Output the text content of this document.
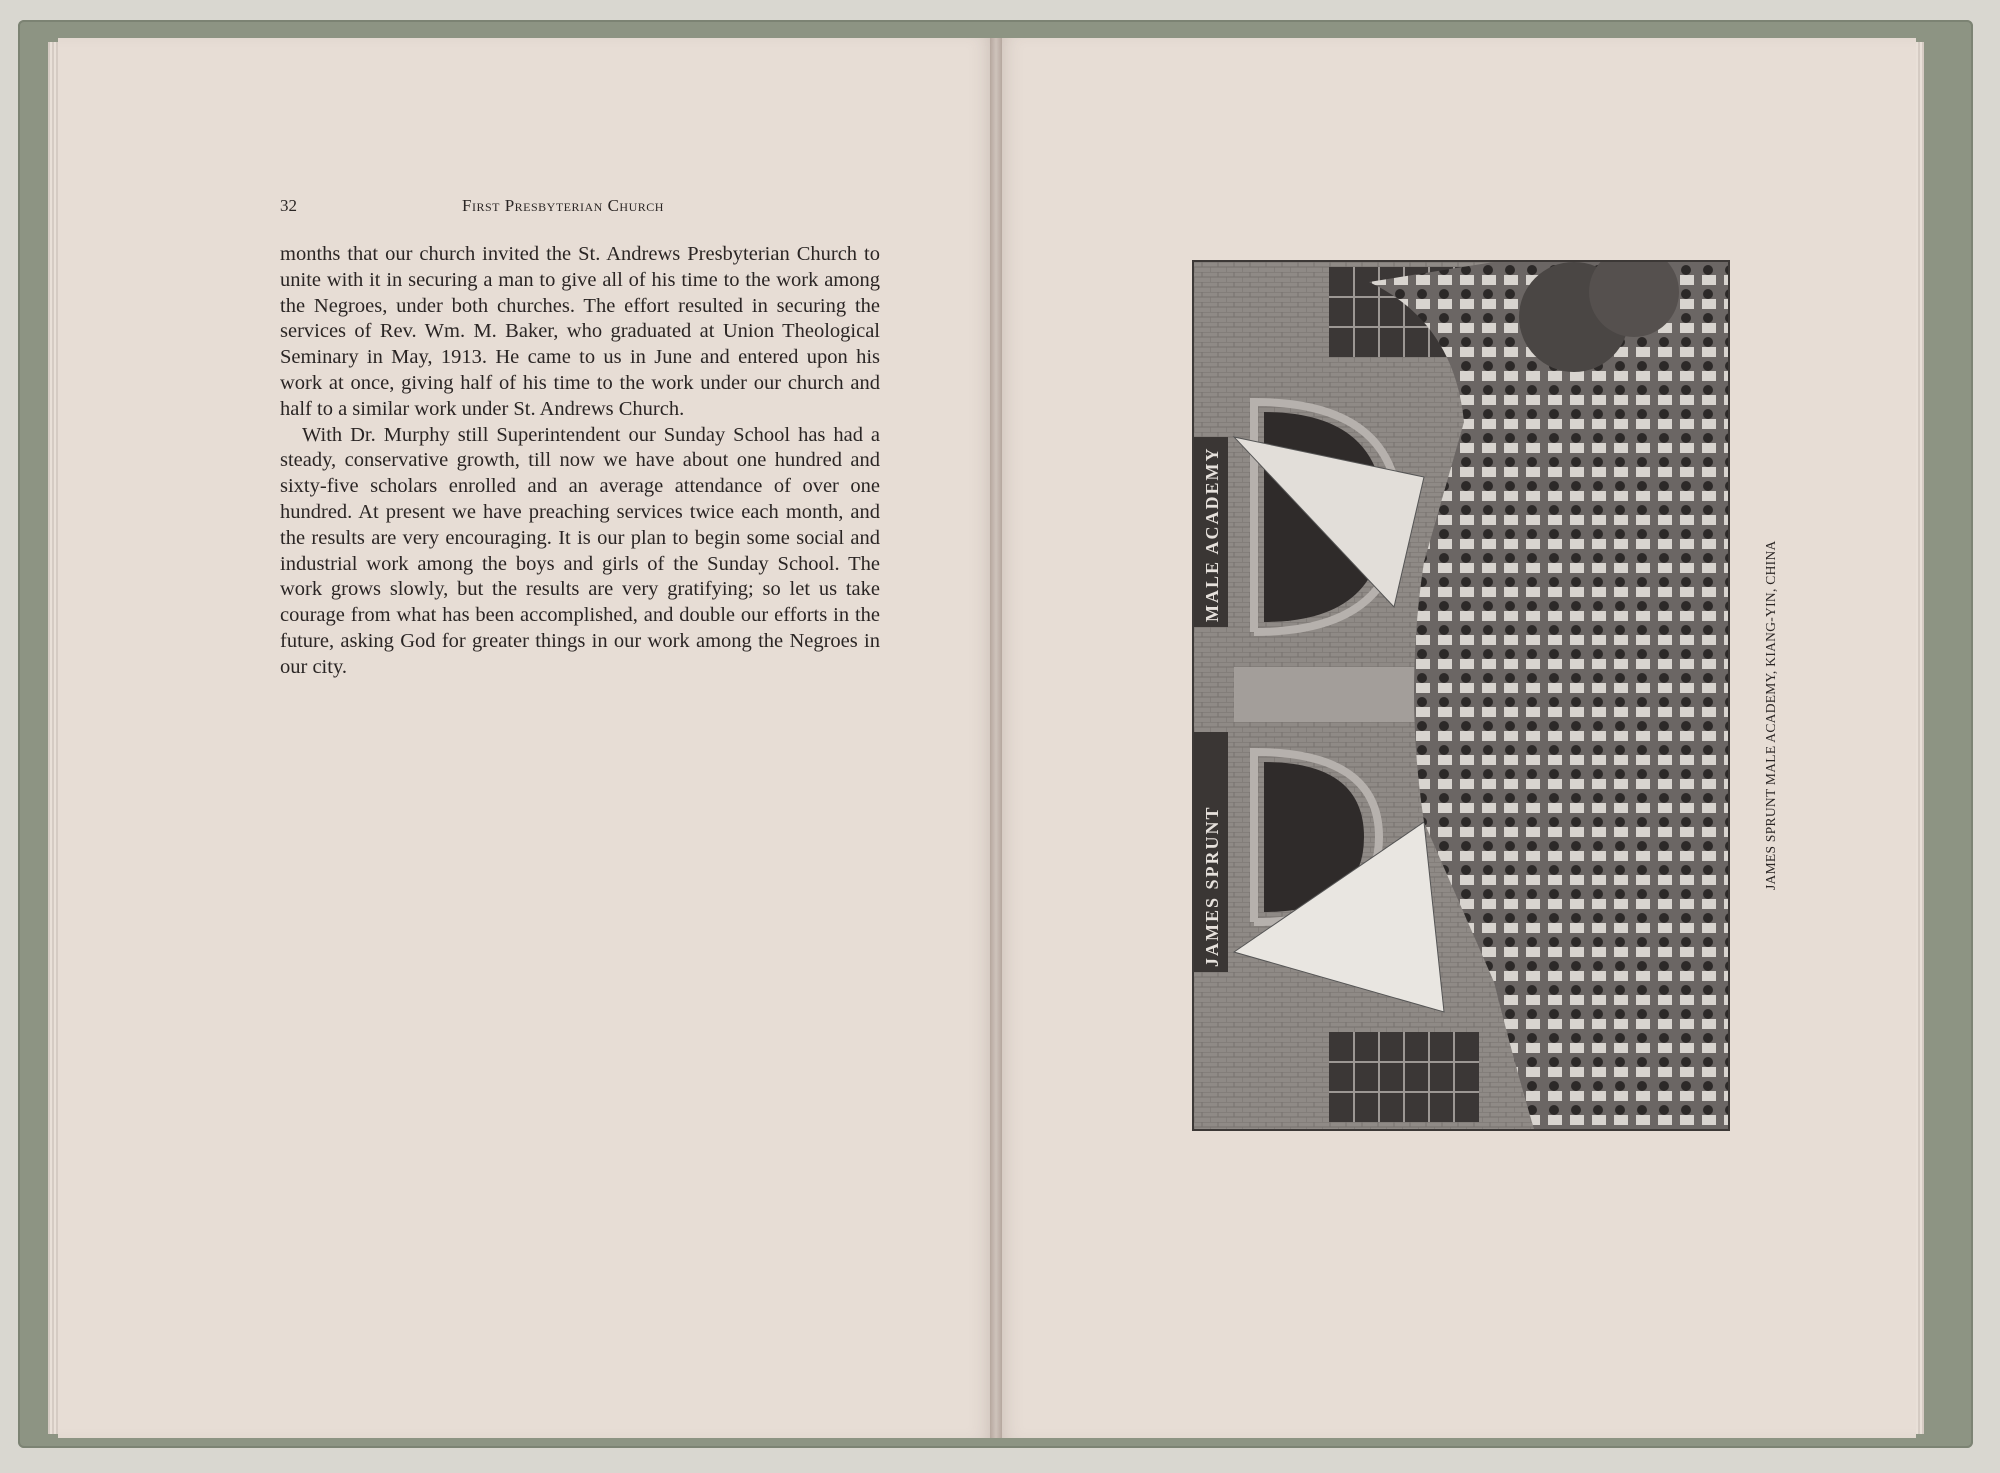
32	First Presbyterian Church

months that our church invited the St. Andrews Presbyterian Church to unite with it in securing a man to give all of his time to the work among the Negroes, under both churches. The effort resulted in securing the services of Rev. Wm. M. Baker, who graduated at Union Theological Seminary in May, 1913. He came to us in June and entered upon his work at once, giving half of his time to the work under our church and half to a similar work under St. Andrews Church.

With Dr. Murphy still Superintendent our Sunday School has had a steady, conservative growth, till now we have about one hundred and sixty-five scholars enrolled and an average attendance of over one hundred. At present we have preaching services twice each month, and the results are very encouraging. It is our plan to begin some social and industrial work among the boys and girls of the Sunday School. The work grows slowly, but the results are very gratifying; so let us take courage from what has been accomplished, and double our efforts in the future, asking God for greater things in our work among the Negroes in our city.

MALE ACADEMY
JAMES SPRUNT	JAMES SPRUNT MALE ACADEMY, KIANG-YIN, CHINA
